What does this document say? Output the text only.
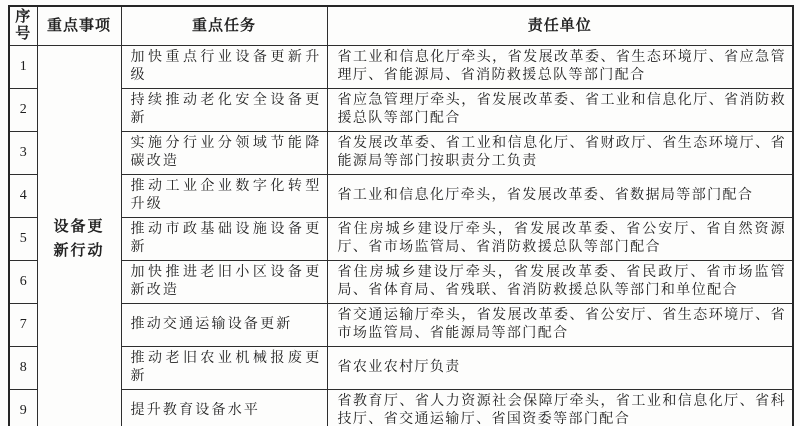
序号	重点事项	重点任务	责任单位
1	设备更新行动	加快重点行业设备更新升级	省工业和信息化厅牵头，省发展改革委、省生态环境厅、省应急管理厅、省能源局、省消防救援总队等部门配合
2		持续推动老化安全设备更新	省应急管理厅牵头，省发展改革委、省工业和信息化厅、省消防救援总队等部门配合
3		实施分行业分领域节能降碳改造	省发展改革委、省工业和信息化厅、省财政厅、省生态环境厅、省能源局等部门按职责分工负责
4		推动工业企业数字化转型升级	省工业和信息化厅牵头，省发展改革委、省数据局等部门配合
5		推动市政基础设施设备更新	省住房城乡建设厅牵头，省发展改革委、省公安厅、省自然资源厅、省市场监管局、省消防救援总队等部门配合
6		加快推进老旧小区设备更新改造	省住房城乡建设厅牵头，省发展改革委、省民政厅、省市场监管局、省体育局、省残联、省消防救援总队等部门和单位配合
7		推动交通运输设备更新	省交通运输厅牵头，省发展改革委、省公安厅、省生态环境厅、省市场监管局、省能源局等部门配合
8		推动老旧农业机械报废更新	省农业农村厅负责
9		提升教育设备水平	省教育厅、省人力资源社会保障厅牵头，省工业和信息化厅、省科技厅、省交通运输厅、省国资委等部门配合
